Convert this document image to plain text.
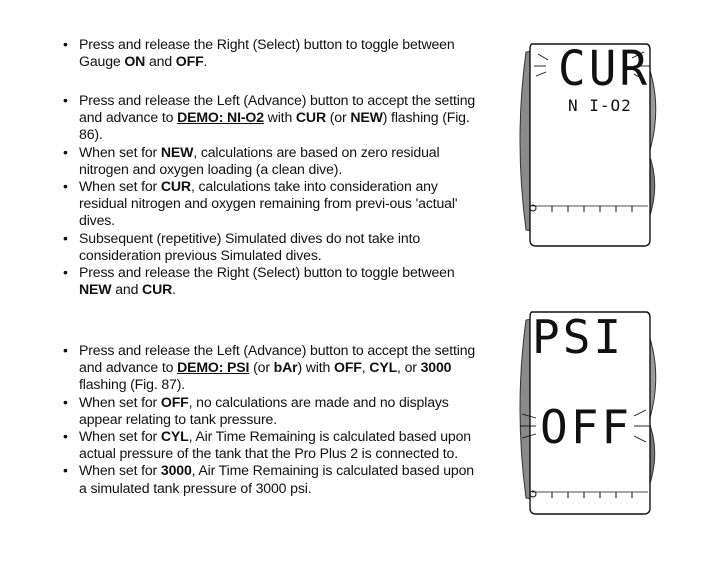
• Press and release the Right (Select) button to toggle between Gauge ON and OFF.
• Press and release the Left (Advance) button to accept the setting and advance to DEMO: NI-O2 with CUR (or NEW) flashing (Fig. 86).
• When set for NEW, calculations are based on zero residual nitrogen and oxygen loading (a clean dive).
• When set for CUR, calculations take into consideration any residual nitrogen and oxygen remaining from previ-ous 'actual' dives.
• Subsequent (repetitive) Simulated dives do not take into consideration previous Simulated dives.
• Press and release the Right (Select) button to toggle between NEW and CUR.
• Press and release the Left (Advance) button to accept the setting and advance to DEMO: PSI (or bAr) with OFF, CYL, or 3000 flashing (Fig. 87).
• When set for OFF, no calculations are made and no displays appear relating to tank pressure.
• When set for CYL, Air Time Remaining is calculated based upon actual pressure of the tank that the Pro Plus 2 is connected to.
• When set for 3000, Air Time Remaining is calculated based upon a simulated tank pressure of 3000 psi.
CUR
N I-O2
PSI
OFF
